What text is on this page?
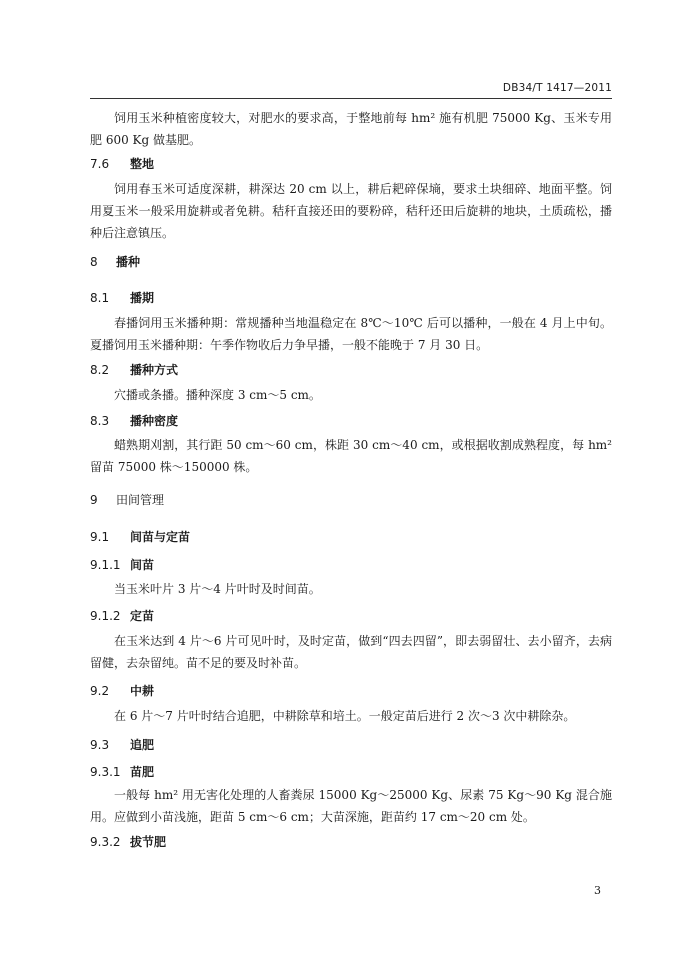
DB34/T 1417—2011
饲用玉米种植密度较大，对肥水的要求高，于整地前每 hm² 施有机肥 75000 Kg、玉米专用肥 600 Kg 做基肥。
7.6 整地
饲用春玉米可适度深耕，耕深达 20 cm 以上，耕后耙碎保墒，要求土块细碎、地面平整。饲用夏玉米一般采用旋耕或者免耕。秸秆直接还田的要粉碎，秸秆还田后旋耕的地块，土质疏松，播种后注意镇压。
8 播种
8.1 播期
春播饲用玉米播种期：常规播种当地温稳定在 8℃～10℃ 后可以播种，一般在 4 月上中旬。夏播饲用玉米播种期：午季作物收后力争早播，一般不能晚于 7 月 30 日。
8.2 播种方式
穴播或条播。播种深度 3 cm～5 cm。
8.3 播种密度
蜡熟期刈割，其行距 50 cm～60 cm，株距 30 cm～40 cm，或根据收割成熟程度，每 hm² 留苗 75000 株～150000 株。
9 田间管理
9.1 间苗与定苗
9.1.1 间苗
当玉米叶片 3 片～4 片叶时及时间苗。
9.1.2 定苗
在玉米达到 4 片～6 片可见叶时，及时定苗，做到“四去四留”，即去弱留壮、去小留齐，去病留健，去杂留纯。苗不足的要及时补苗。
9.2 中耕
在 6 片～7 片叶时结合追肥，中耕除草和培土。一般定苗后进行 2 次～3 次中耕除杂。
9.3 追肥
9.3.1 苗肥
一般每 hm² 用无害化处理的人畜粪尿 15000 Kg～25000 Kg、尿素 75 Kg～90 Kg 混合施用。应做到小苗浅施，距苗 5 cm～6 cm；大苗深施，距苗约 17 cm～20 cm 处。
9.3.2 拔节肥
3
